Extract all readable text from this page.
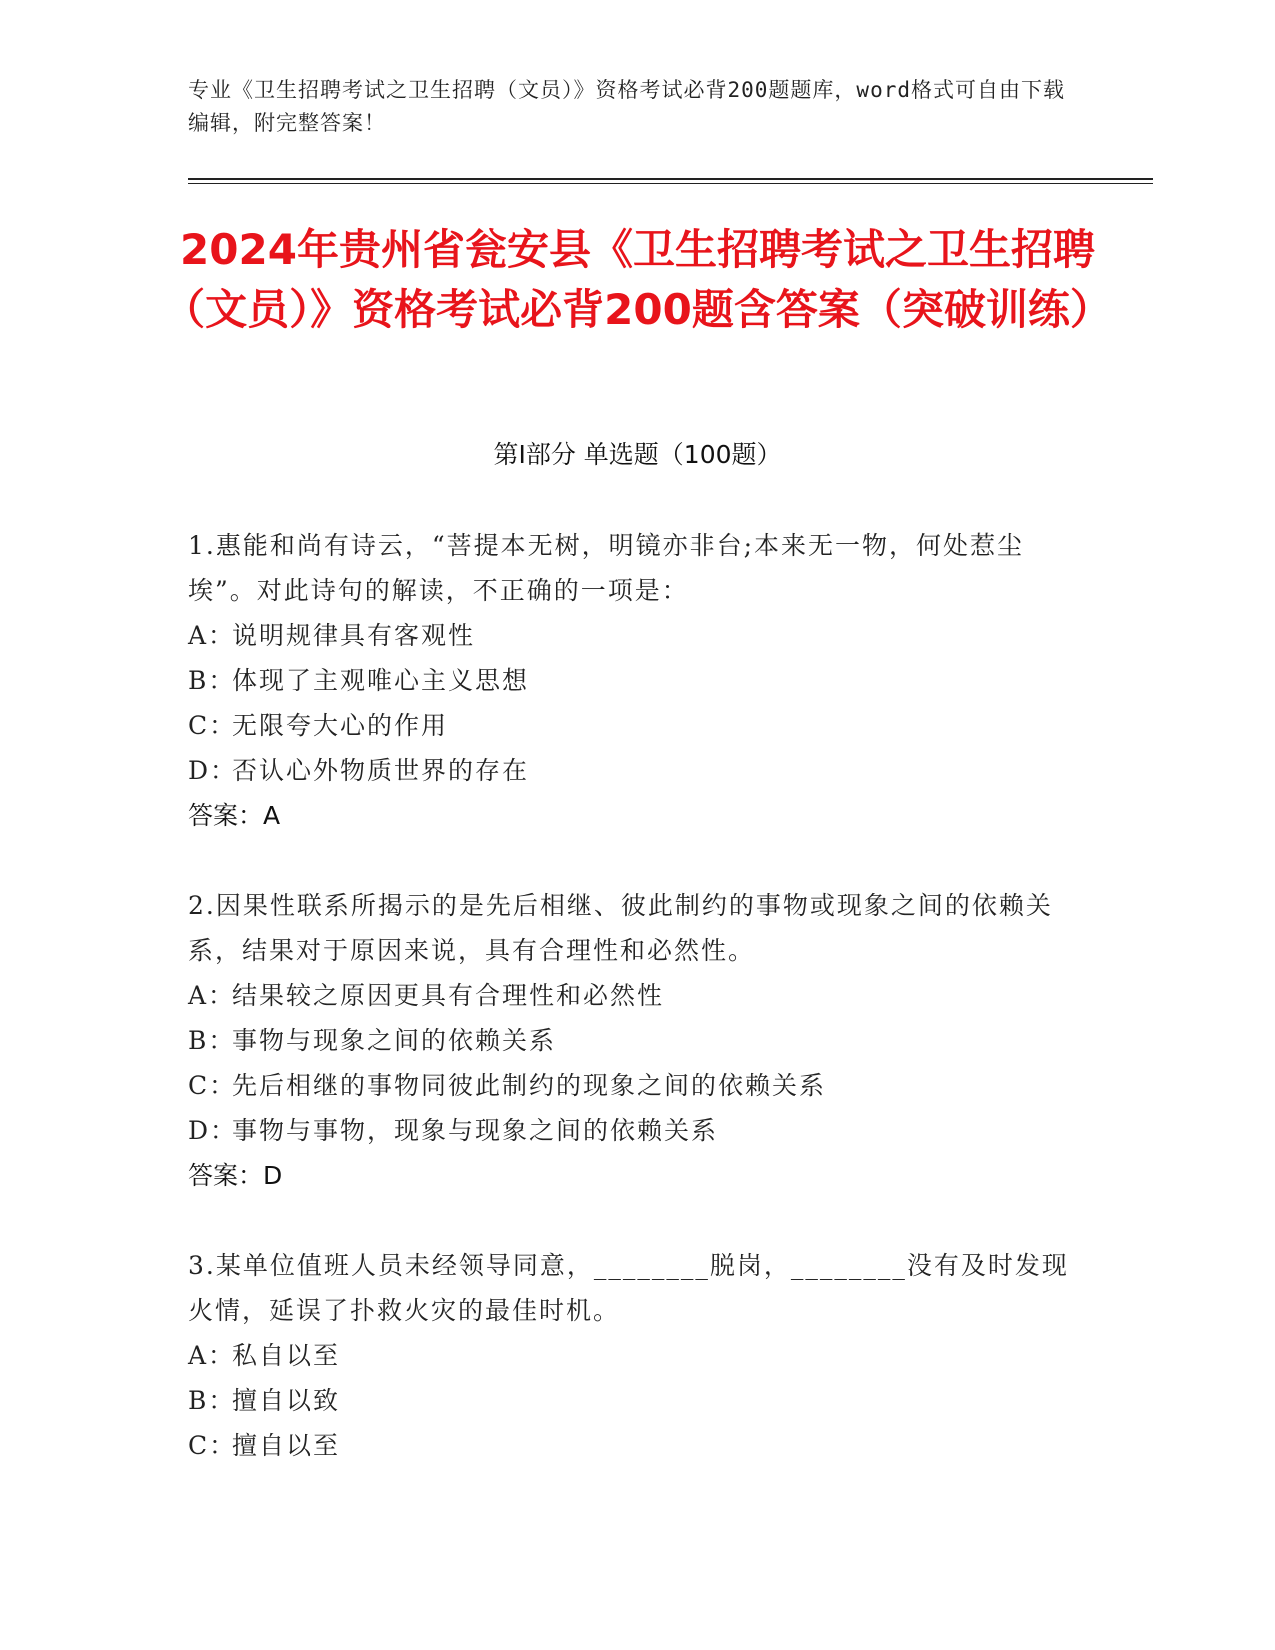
专业《卫生招聘考试之卫生招聘（文员）》资格考试必背200题题库，word格式可自由下载编辑，附完整答案！
2024年贵州省瓮安县《卫生招聘考试之卫生招聘（文员）》资格考试必背200题含答案（突破训练）
第I部分 单选题（100题）
1.惠能和尚有诗云，“菩提本无树，明镜亦非台;本来无一物，何处惹尘埃”。对此诗句的解读，不正确的一项是：
A：说明规律具有客观性
B：体现了主观唯心主义思想
C：无限夸大心的作用
D：否认心外物质世界的存在
答案：A
2.因果性联系所揭示的是先后相继、彼此制约的事物或现象之间的依赖关系，结果对于原因来说，具有合理性和必然性。
A：结果较之原因更具有合理性和必然性
B：事物与现象之间的依赖关系
C：先后相继的事物同彼此制约的现象之间的依赖关系
D：事物与事物，现象与现象之间的依赖关系
答案：D
3.某单位值班人员未经领导同意，________脱岗，________没有及时发现火情，延误了扑救火灾的最佳时机。
A：私自以至
B：擅自以致
C：擅自以至
